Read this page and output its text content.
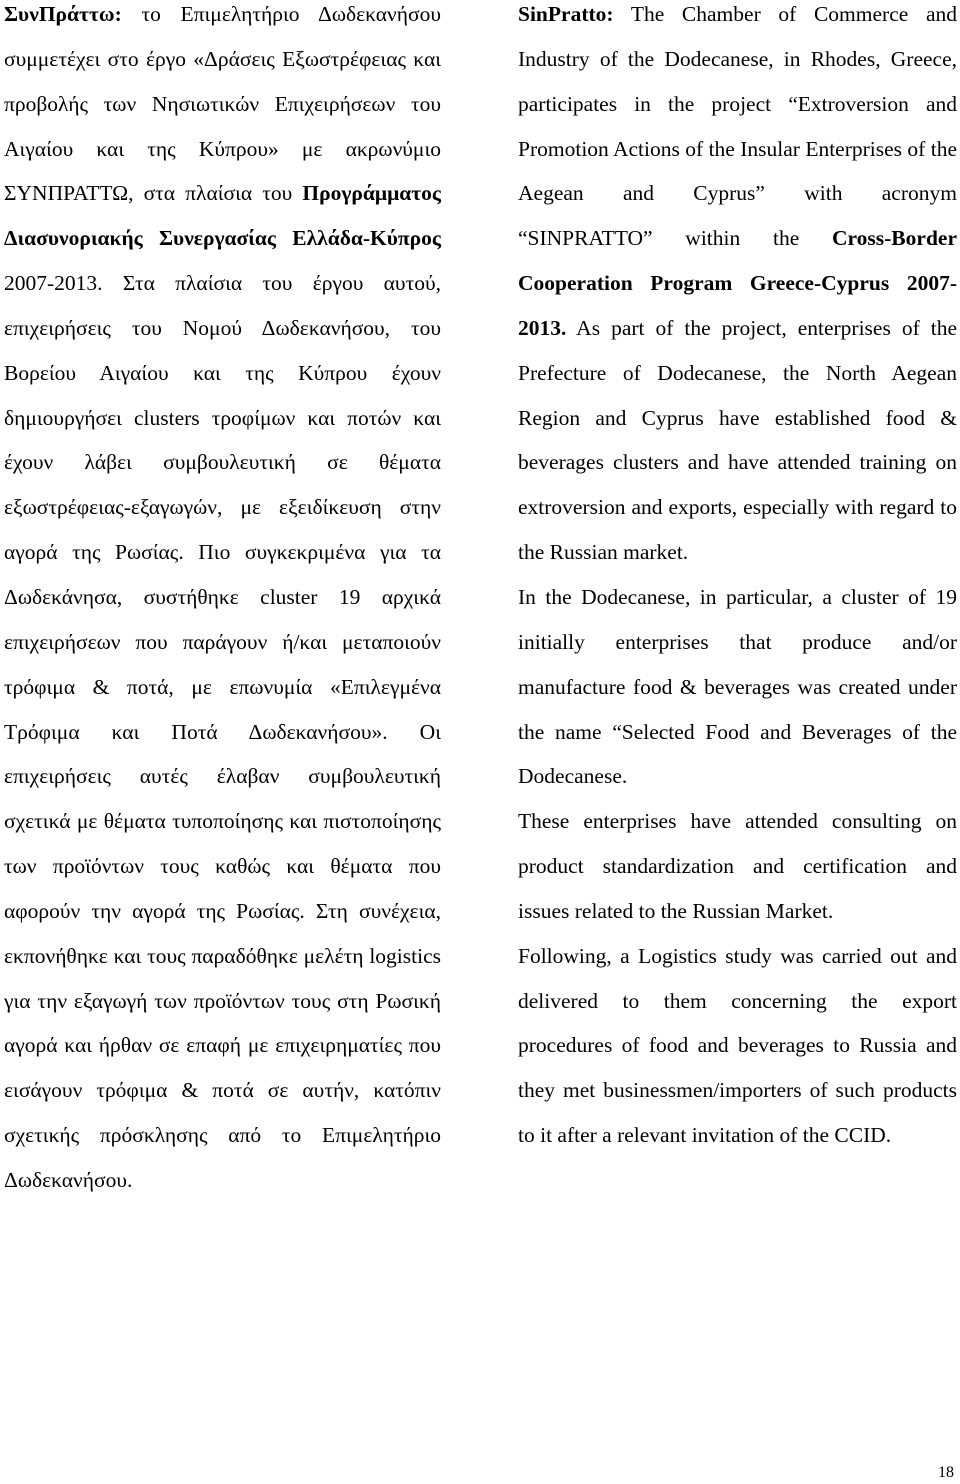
ΣυνΠράττω: το Επιμελητήριο Δωδεκανήσου συμμετέχει στο έργο «Δράσεις Εξωστρέφειας και προβολής των Νησιωτικών Επιχειρήσεων του Αιγαίου και της Κύπρου» με ακρωνύμιο ΣΥΝΠΡΑΤΤΩ, στα πλαίσια του Προγράμματος Διασυνοριακής Συνεργασίας Ελλάδα-Κύπρος 2007-2013. Στα πλαίσια του έργου αυτού, επιχειρήσεις του Νομού Δωδεκανήσου, του Βορείου Αιγαίου και της Κύπρου έχουν δημιουργήσει clusters τροφίμων και ποτών και έχουν λάβει συμβουλευτική σε θέματα εξωστρέφειας-εξαγωγών, με εξειδίκευση στην αγορά της Ρωσίας. Πιο συγκεκριμένα για τα Δωδεκάνησα, συστήθηκε cluster 19 αρχικά επιχειρήσεων που παράγουν ή/και μεταποιούν τρόφιμα & ποτά, με επωνυμία «Επιλεγμένα Τρόφιμα και Ποτά Δωδεκανήσου». Οι επιχειρήσεις αυτές έλαβαν συμβουλευτική σχετικά με θέματα τυποποίησης και πιστοποίησης των προϊόντων τους καθώς και θέματα που αφορούν την αγορά της Ρωσίας. Στη συνέχεια, εκπονήθηκε και τους παραδόθηκε μελέτη logistics για την εξαγωγή των προϊόντων τους στη Ρωσική αγορά και ήρθαν σε επαφή με επιχειρηματίες που εισάγουν τρόφιμα & ποτά σε αυτήν, κατόπιν σχετικής πρόσκλησης από το Επιμελητήριο Δωδεκανήσου.

SinPratto: The Chamber of Commerce and Industry of the Dodecanese, in Rhodes, Greece, participates in the project “Extroversion and Promotion Actions of the Insular Enterprises of the Aegean and Cyprus” with acronym “SINPRATTO” within the Cross-Border Cooperation Program Greece-Cyprus 2007-2013. As part of the project, enterprises of the Prefecture of Dodecanese, the North Aegean Region and Cyprus have established food & beverages clusters and have attended training on extroversion and exports, especially with regard to the Russian market.

In the Dodecanese, in particular, a cluster of 19 initially enterprises that produce and/or manufacture food & beverages was created under the name “Selected Food and Beverages of the Dodecanese.

These enterprises have attended consulting on product standardization and certification and issues related to the Russian Market.

Following, a Logistics study was carried out and delivered to them concerning the export procedures of food and beverages to Russia and they met businessmen/importers of such products to it after a relevant invitation of the CCID.

18
